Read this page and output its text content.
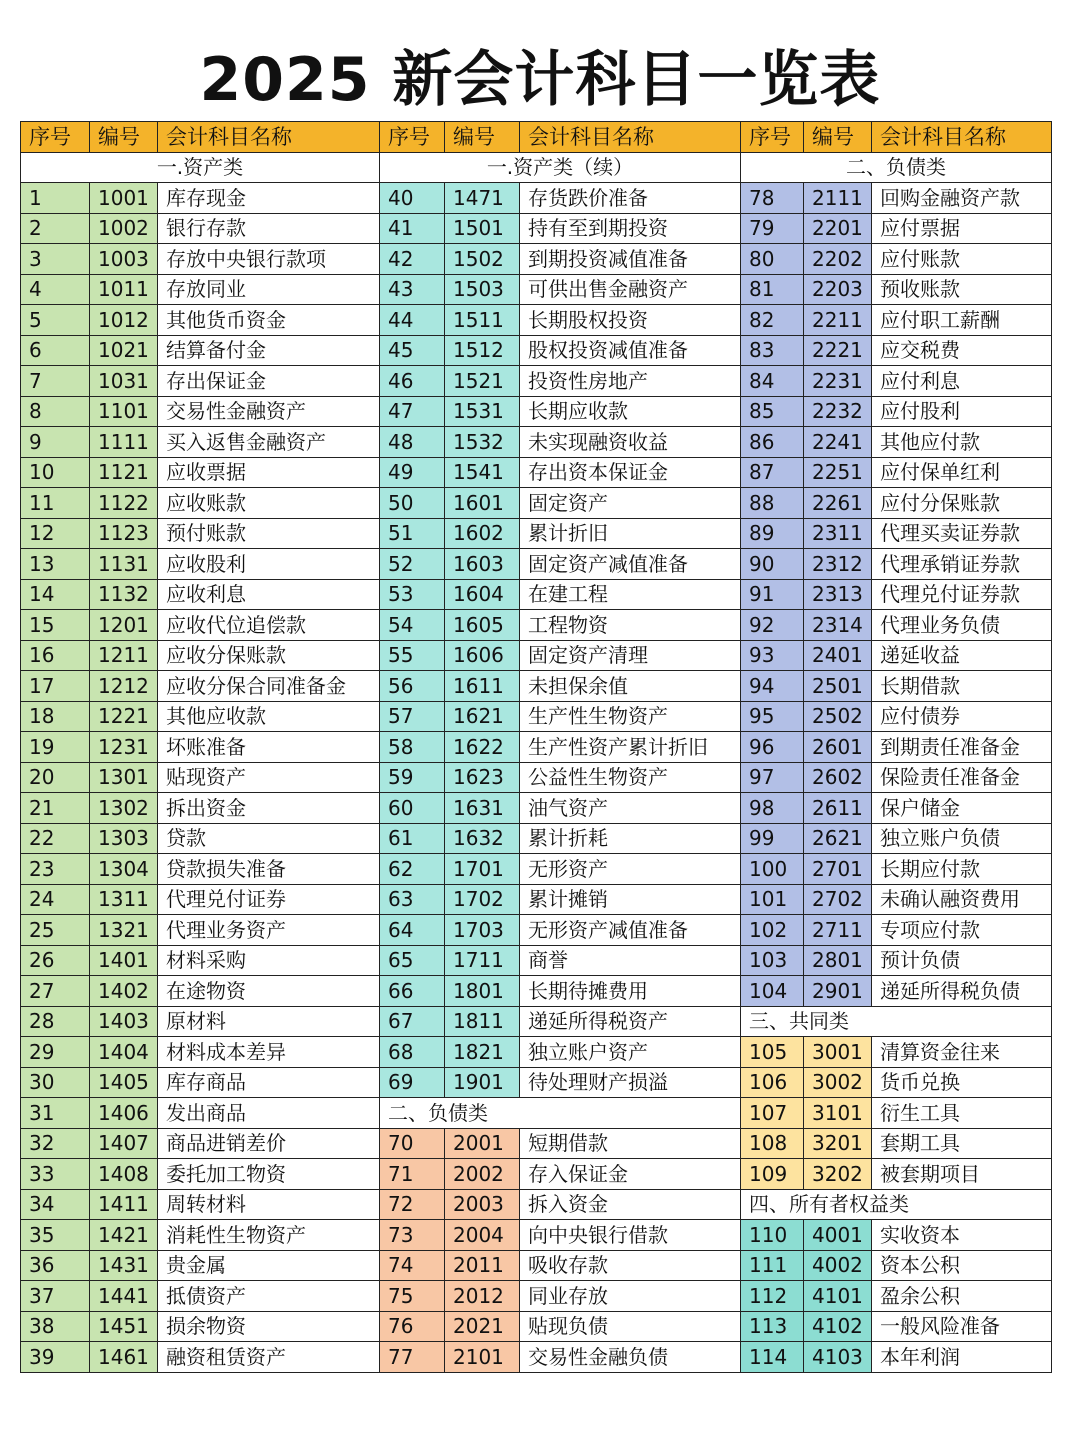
2025 新会计科目一览表
序号	编号	会计科目名称	序号	编号	会计科目名称	序号	编号	会计科目名称
一.资产类			一.资产类（续）			二、负债类		
1	1001	库存现金	40	1471	存货跌价准备	78	2111	回购金融资产款
2	1002	银行存款	41	1501	持有至到期投资	79	2201	应付票据
3	1003	存放中央银行款项	42	1502	到期投资减值准备	80	2202	应付账款
4	1011	存放同业	43	1503	可供出售金融资产	81	2203	预收账款
5	1012	其他货币资金	44	1511	长期股权投资	82	2211	应付职工薪酬
6	1021	结算备付金	45	1512	股权投资减值准备	83	2221	应交税费
7	1031	存出保证金	46	1521	投资性房地产	84	2231	应付利息
8	1101	交易性金融资产	47	1531	长期应收款	85	2232	应付股利
9	1111	买入返售金融资产	48	1532	未实现融资收益	86	2241	其他应付款
10	1121	应收票据	49	1541	存出资本保证金	87	2251	应付保单红利
11	1122	应收账款	50	1601	固定资产	88	2261	应付分保账款
12	1123	预付账款	51	1602	累计折旧	89	2311	代理买卖证券款
13	1131	应收股利	52	1603	固定资产减值准备	90	2312	代理承销证券款
14	1132	应收利息	53	1604	在建工程	91	2313	代理兑付证券款
15	1201	应收代位追偿款	54	1605	工程物资	92	2314	代理业务负债
16	1211	应收分保账款	55	1606	固定资产清理	93	2401	递延收益
17	1212	应收分保合同准备金	56	1611	未担保余值	94	2501	长期借款
18	1221	其他应收款	57	1621	生产性生物资产	95	2502	应付债券
19	1231	坏账准备	58	1622	生产性资产累计折旧	96	2601	到期责任准备金
20	1301	贴现资产	59	1623	公益性生物资产	97	2602	保险责任准备金
21	1302	拆出资金	60	1631	油气资产	98	2611	保户储金
22	1303	贷款	61	1632	累计折耗	99	2621	独立账户负债
23	1304	贷款损失准备	62	1701	无形资产	100	2701	长期应付款
24	1311	代理兑付证券	63	1702	累计摊销	101	2702	未确认融资费用
25	1321	代理业务资产	64	1703	无形资产减值准备	102	2711	专项应付款
26	1401	材料采购	65	1711	商誉	103	2801	预计负债
27	1402	在途物资	66	1801	长期待摊费用	104	2901	递延所得税负债
28	1403	原材料	67	1811	递延所得税资产	三、共同类		
29	1404	材料成本差异	68	1821	独立账户资产	105	3001	清算资金往来
30	1405	库存商品	69	1901	待处理财产损溢	106	3002	货币兑换
31	1406	发出商品	二、负债类			107	3101	衍生工具
32	1407	商品进销差价	70	2001	短期借款	108	3201	套期工具
33	1408	委托加工物资	71	2002	存入保证金	109	3202	被套期项目
34	1411	周转材料	72	2003	拆入资金	四、所有者权益类		
35	1421	消耗性生物资产	73	2004	向中央银行借款	110	4001	实收资本
36	1431	贵金属	74	2011	吸收存款	111	4002	资本公积
37	1441	抵债资产	75	2012	同业存放	112	4101	盈余公积
38	1451	损余物资	76	2021	贴现负债	113	4102	一般风险准备
39	1461	融资租赁资产	77	2101	交易性金融负债	114	4103	本年利润
